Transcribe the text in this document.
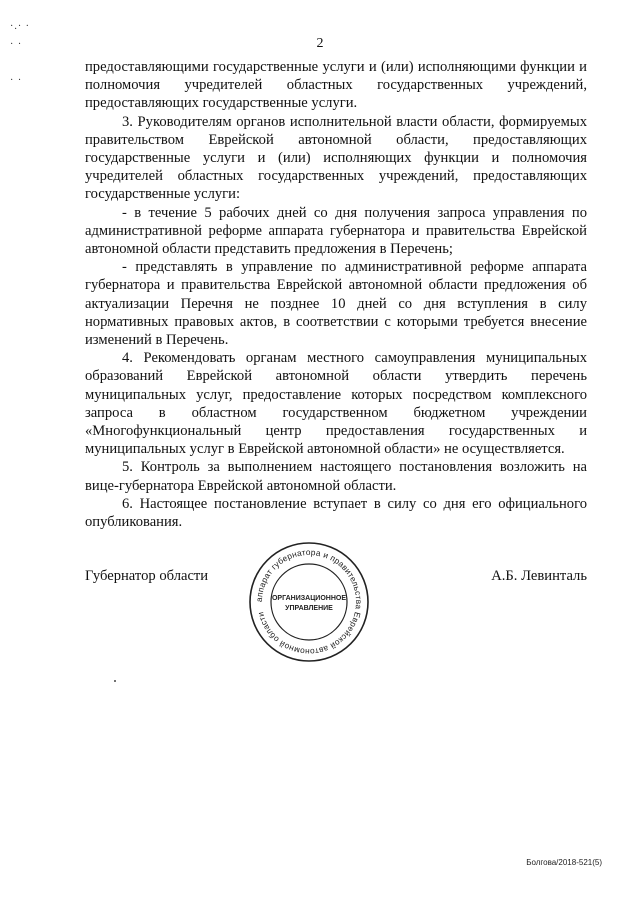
·.· ·
· ·

· ·
2

предоставляющими государственные услуги и (или) исполняющими функции и полномочия учредителей областных государственных учреждений, предоставляющих государственные услуги.

3. Руководителям органов исполнительной власти области, формируемых правительством Еврейской автономной области, предоставляющих государственные услуги и (или) исполняющих функции и полномочия учредителей областных государственных учреждений, предоставляющих государственные услуги:

- в течение 5 рабочих дней со дня получения запроса управления по административной реформе аппарата губернатора и правительства Еврейской автономной области представить предложения в Перечень;

- представлять в управление по административной реформе аппарата губернатора и правительства Еврейской автономной области предложения об актуализации Перечня не позднее 10 дней со дня вступления в силу нормативных правовых актов, в соответствии с которыми требуется внесение изменений в Перечень.

4. Рекомендовать органам местного самоуправления муниципальных образований Еврейской автономной области утвердить перечень муниципальных услуг, предоставление которых посредством комплексного запроса в областном государственном бюджетном учреждении «Многофункциональный центр предоставления государственных и муниципальных услуг в Еврейской автономной области» не осуществляется.

5. Контроль за выполнением настоящего постановления возложить на вице-губернатора Еврейской автономной области.

6. Настоящее постановление вступает в силу со дня его официального опубликования.

Губернатор области	А.Б. Левинталь
аппарат губернатора и правительства Еврейской автономной области
ОРГАНИЗАЦИОННОЕ
УПРАВЛЕНИЕ
Болгова/2018-521(5)
